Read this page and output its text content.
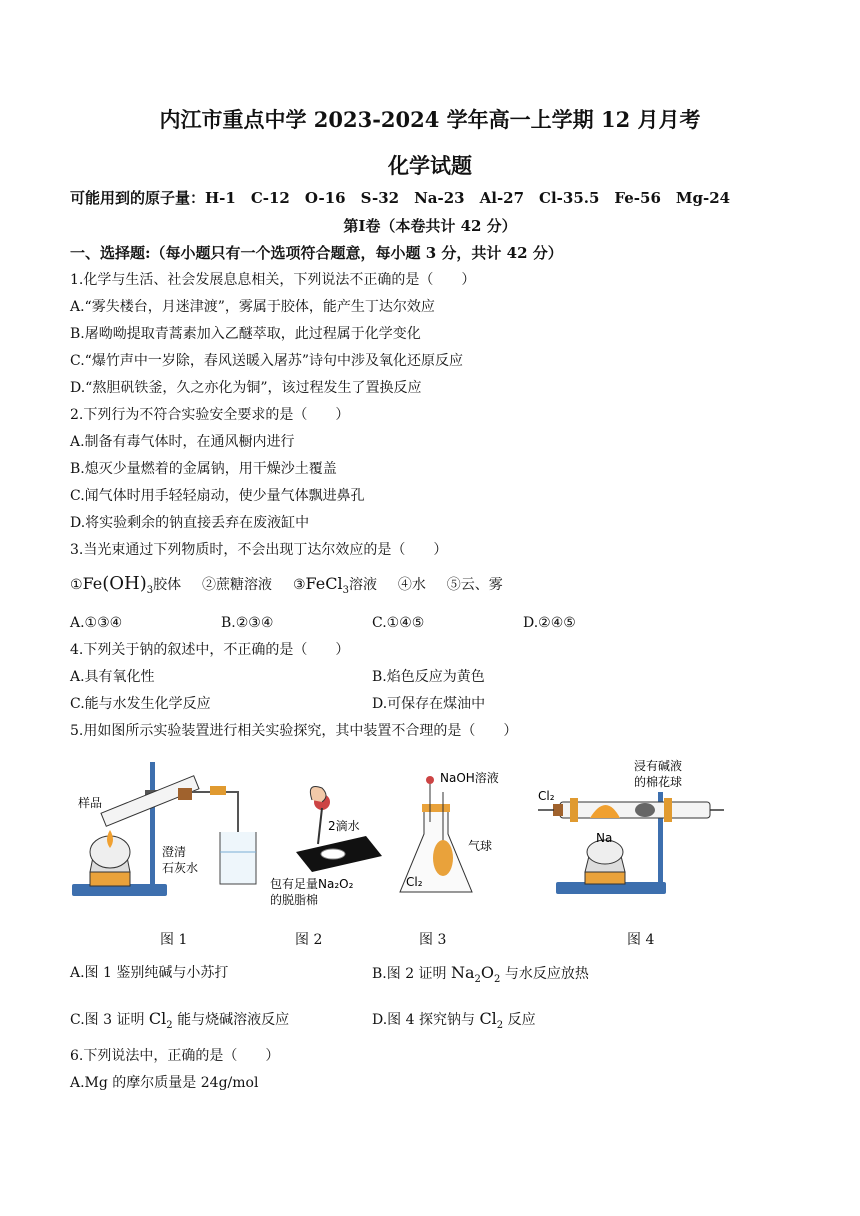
内江市重点中学 2023-2024 学年高一上学期 12 月月考
化学试题
可能用到的原子量：H-1　C-12　O-16　S-32　Na-23　Al-27　Cl-35.5　Fe-56　Mg-24
第Ⅰ卷（本卷共计 42 分）
一、选择题:（每小题只有一个选项符合题意，每小题 3 分，共计 42 分）
1.化学与生活、社会发展息息相关，下列说法不正确的是（　　）
A.“雾失楼台，月迷津渡”，雾属于胶体，能产生丁达尔效应
B.屠呦呦提取青蒿素加入乙醚萃取，此过程属于化学变化
C.“爆竹声中一岁除，春风送暖入屠苏”诗句中涉及氧化还原反应
D.“熬胆矾铁釜，久之亦化为铜”，该过程发生了置换反应
2.下列行为不符合实验安全要求的是（　　）
A.制备有毒气体时，在通风橱内进行
B.熄灭少量燃着的金属钠，用干燥沙土覆盖
C.闻气体时用手轻轻扇动，使少量气体飘进鼻孔
D.将实验剩余的钠直接丢弃在废液缸中
3.当光束通过下列物质时，不会出现丁达尔效应的是（　　）
$①Fe(OH)_3$胶体 ②蔗糖溶液 ③FeCl$_3$溶液 ④水 ⑤云、雾
A.①③④	B.②③④	C.①④⑤	D.②④⑤
4.下列关于钠的叙述中，不正确的是（　　）
A.具有氧化性	B.焰色反应为黄色
C.能与水发生化学反应	D.可保存在煤油中
5.用如图所示实验装置进行相关实验探究，其中装置不合理的是（　　）
样品
澄清
石灰水
2滴水
包有足量Na₂O₂
的脱脂棉
NaOH溶液
气球
Cl₂
Cl₂
浸有碱液
的棉花球
Na
图 1	图 2	图 3	图 4
A.图 1 鉴别纯碱与小苏打	B.图 2 证明 $Na_2O_2$ 与水反应放热
C.图 3 证明 $Cl_2$ 能与烧碱溶液反应	D.图 4 探究钠与 $Cl_2$ 反应
6.下列说法中，正确的是（　　）
A.Mg 的摩尔质量是 24g/mol
